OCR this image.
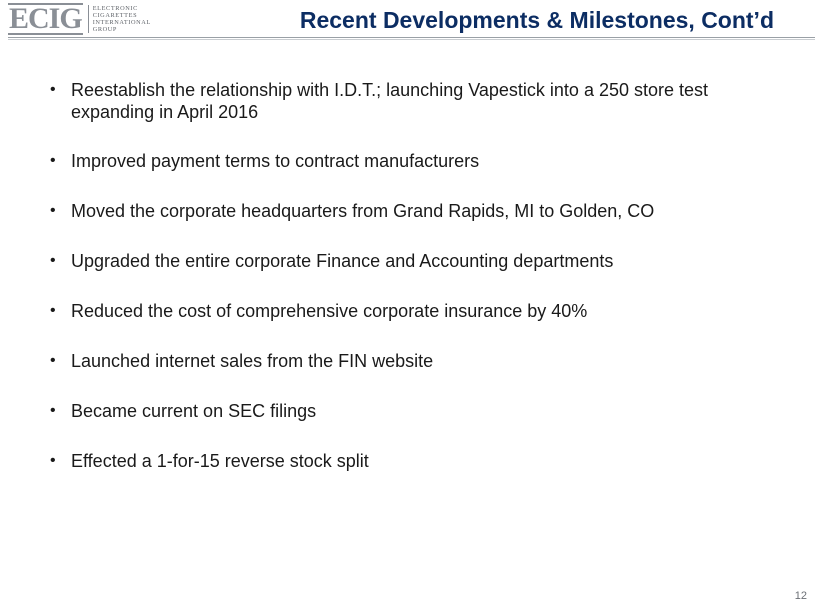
ECIG ELECTRONIC
CIGARETTES
INTERNATIONAL
GROUP	Recent Developments & Milestones, Cont’d
• Reestablish the relationship with I.D.T.; launching Vapestick into a 250 store test expanding in April 2016
• Improved payment terms to contract manufacturers
• Moved the corporate headquarters from Grand Rapids, MI to Golden, CO
• Upgraded the entire corporate Finance and Accounting departments
• Reduced the cost of comprehensive corporate insurance by 40%
• Launched internet sales from the FIN website
• Became current on SEC filings
• Effected a 1-for-15 reverse stock split
12
